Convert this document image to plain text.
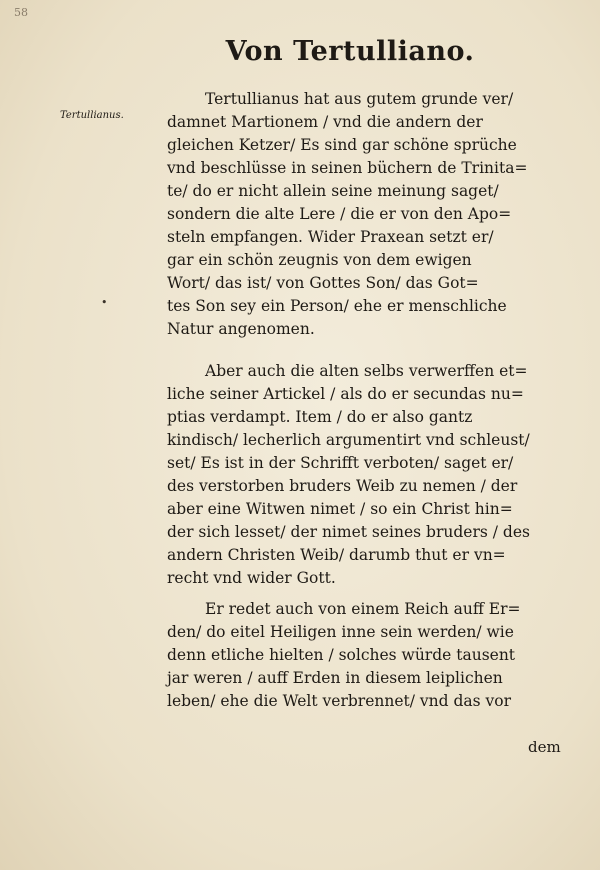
58
Von Tertulliano.
Tertullianus.
•
Tertullianus hat aus gutem grunde ver/
damnet Martionem / vnd die andern der
gleichen Ketzer/ Es sind gar schöne sprüche
vnd beschlüsse in seinen büchern de Trinita=
te/ do er nicht allein seine meinung saget/
sondern die alte Lere / die er von den Apo=
steln empfangen. Wider Praxean setzt er/
gar ein schön zeugnis von dem ewigen
Wort/ das ist/ von Gottes Son/ das Got=
tes Son sey ein Person/ ehe er menschliche
Natur angenomen.
Aber auch die alten selbs verwerffen et=
liche seiner Artickel / als do er secundas nu=
ptias verdampt. Item / do er also gantz
kindisch/ lecherlich argumentirt vnd schleust/
set/ Es ist in der Schrifft verboten/ saget er/
des verstorben bruders Weib zu nemen / der
aber eine Witwen nimet / so ein Christ hin=
der sich lesset/ der nimet seines bruders / des
andern Christen Weib/ darumb thut er vn=
recht vnd wider Gott.
Er redet auch von einem Reich auff Er=
den/ do eitel Heiligen inne sein werden/ wie
denn etliche hielten / solches würde tausent
jar weren / auff Erden in diesem leiplichen
leben/ ehe die Welt verbrennet/ vnd das vor
dem
